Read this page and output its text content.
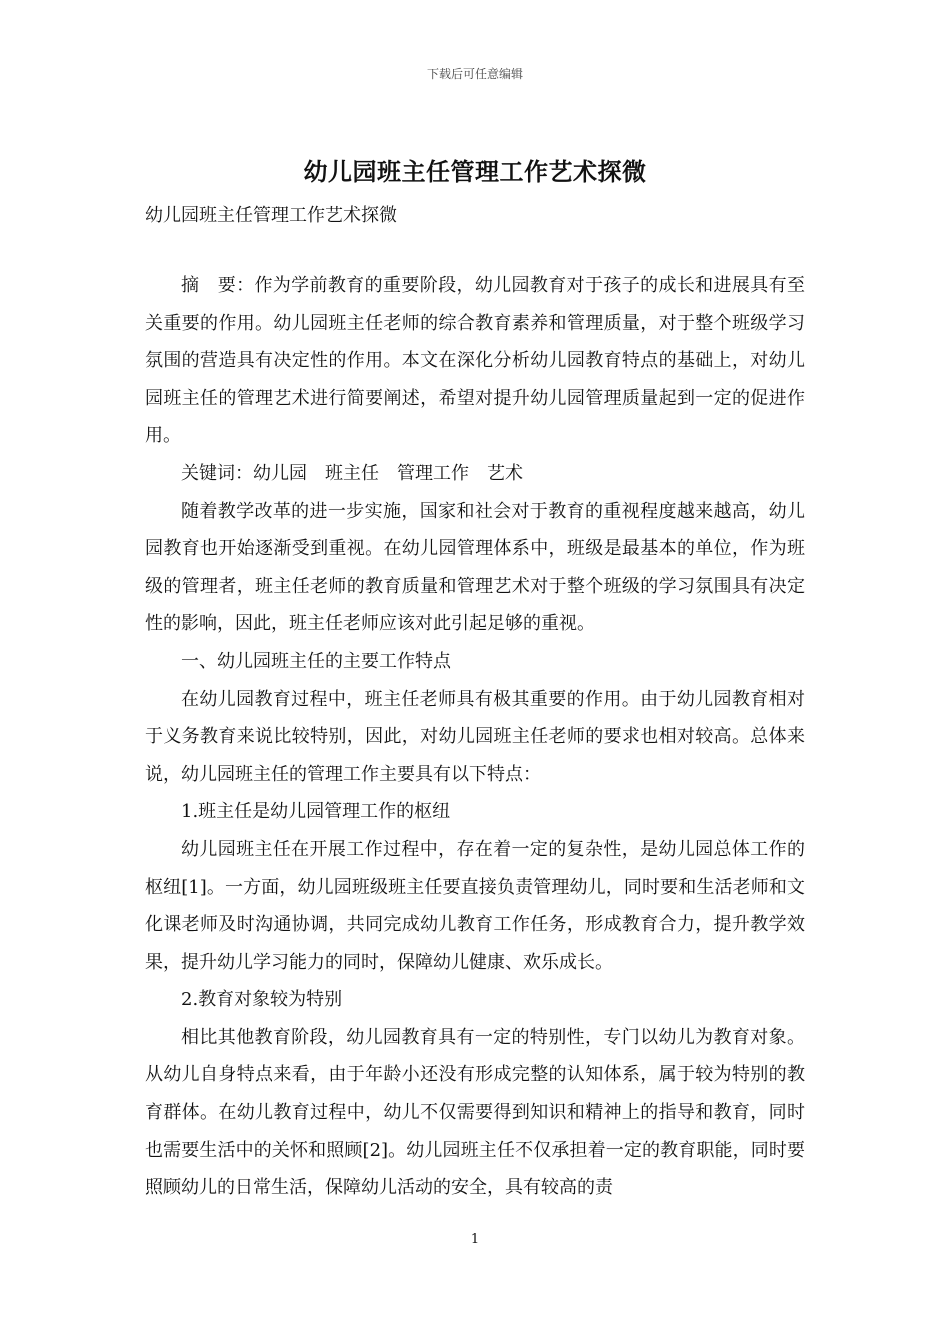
下载后可任意编辑
幼儿园班主任管理工作艺术探微

幼儿园班主任管理工作艺术探微

摘　要：作为学前教育的重要阶段，幼儿园教育对于孩子的成长和进展具有至关重要的作用。幼儿园班主任老师的综合教育素养和管理质量，对于整个班级学习氛围的营造具有决定性的作用。本文在深化分析幼儿园教育特点的基础上，对幼儿园班主任的管理艺术进行简要阐述，希望对提升幼儿园管理质量起到一定的促进作用。

关键词：幼儿园　班主任　管理工作　艺术

随着教学改革的进一步实施，国家和社会对于教育的重视程度越来越高，幼儿园教育也开始逐渐受到重视。在幼儿园管理体系中，班级是最基本的单位，作为班级的管理者，班主任老师的教育质量和管理艺术对于整个班级的学习氛围具有决定性的影响，因此，班主任老师应该对此引起足够的重视。

一、幼儿园班主任的主要工作特点

在幼儿园教育过程中，班主任老师具有极其重要的作用。由于幼儿园教育相对于义务教育来说比较特别，因此，对幼儿园班主任老师的要求也相对较高。总体来说，幼儿园班主任的管理工作主要具有以下特点：

1.班主任是幼儿园管理工作的枢纽

幼儿园班主任在开展工作过程中，存在着一定的复杂性，是幼儿园总体工作的枢纽[1]。一方面，幼儿园班级班主任要直接负责管理幼儿，同时要和生活老师和文化课老师及时沟通协调，共同完成幼儿教育工作任务，形成教育合力，提升教学效果，提升幼儿学习能力的同时，保障幼儿健康、欢乐成长。

2.教育对象较为特别

相比其他教育阶段，幼儿园教育具有一定的特别性，专门以幼儿为教育对象。从幼儿自身特点来看，由于年龄小还没有形成完整的认知体系，属于较为特别的教育群体。在幼儿教育过程中，幼儿不仅需要得到知识和精神上的指导和教育，同时也需要生活中的关怀和照顾[2]。幼儿园班主任不仅承担着一定的教育职能，同时要照顾幼儿的日常生活，保障幼儿活动的安全，具有较高的责

1
